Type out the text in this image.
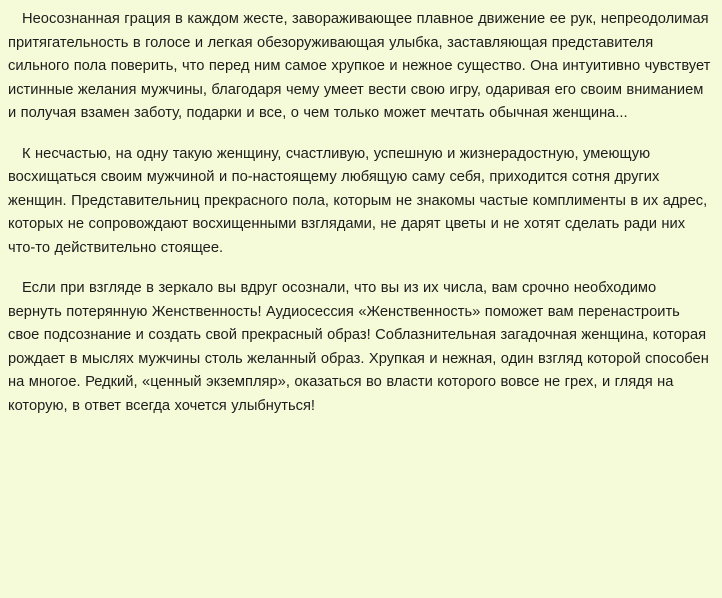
Неосознанная грация в каждом жесте, завораживающее плавное движение ее рук, непреодолимая притягательность в голосе и легкая обезоруживающая улыбка, заставляющая представителя сильного пола поверить, что перед ним самое хрупкое и нежное существо. Она интуитивно чувствует истинные желания мужчины, благодаря чему умеет вести свою игру, одаривая его своим вниманием и получая взамен заботу, подарки и все, о чем только может мечтать обычная женщина...

К несчастью, на одну такую женщину, счастливую, успешную и жизнерадостную, умеющую восхищаться своим мужчиной и по-настоящему любящую саму себя, приходится сотня других женщин. Представительниц прекрасного пола, которым не знакомы частые комплименты в их адрес, которых не сопровождают восхищенными взглядами, не дарят цветы и не хотят сделать ради них что-то действительно стоящее.

Если при взгляде в зеркало вы вдруг осознали, что вы из их числа, вам срочно необходимо вернуть потерянную Женственность! Аудиосессия «Женственность» поможет вам перенастроить свое подсознание и создать свой прекрасный образ! Соблазнительная загадочная женщина, которая рождает в мыслях мужчины столь желанный образ. Хрупкая и нежная, один взгляд которой способен на многое. Редкий, «ценный экземпляр», оказаться во власти которого вовсе не грех, и глядя на которую, в ответ всегда хочется улыбнуться!
